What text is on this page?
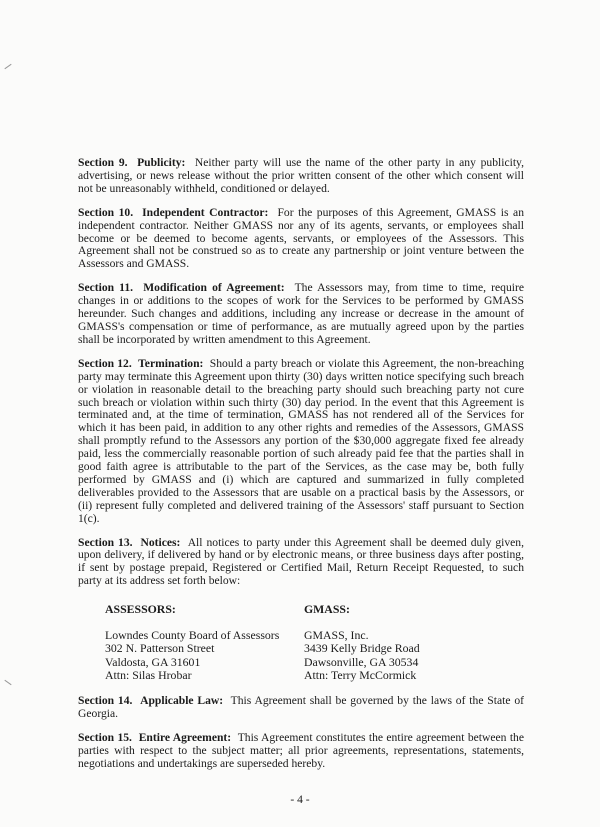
Section 9. Publicity: Neither party will use the name of the other party in any publicity, advertising, or news release without the prior written consent of the other which consent will not be unreasonably withheld, conditioned or delayed.
Section 10. Independent Contractor: For the purposes of this Agreement, GMASS is an independent contractor. Neither GMASS nor any of its agents, servants, or employees shall become or be deemed to become agents, servants, or employees of the Assessors. This Agreement shall not be construed so as to create any partnership or joint venture between the Assessors and GMASS.
Section 11. Modification of Agreement: The Assessors may, from time to time, require changes in or additions to the scopes of work for the Services to be performed by GMASS hereunder. Such changes and additions, including any increase or decrease in the amount of GMASS's compensation or time of performance, as are mutually agreed upon by the parties shall be incorporated by written amendment to this Agreement.
Section 12. Termination: Should a party breach or violate this Agreement, the non-breaching party may terminate this Agreement upon thirty (30) days written notice specifying such breach or violation in reasonable detail to the breaching party should such breaching party not cure such breach or violation within such thirty (30) day period. In the event that this Agreement is terminated and, at the time of termination, GMASS has not rendered all of the Services for which it has been paid, in addition to any other rights and remedies of the Assessors, GMASS shall promptly refund to the Assessors any portion of the $30,000 aggregate fixed fee already paid, less the commercially reasonable portion of such already paid fee that the parties shall in good faith agree is attributable to the part of the Services, as the case may be, both fully performed by GMASS and (i) which are captured and summarized in fully completed deliverables provided to the Assessors that are usable on a practical basis by the Assessors, or (ii) represent fully completed and delivered training of the Assessors' staff pursuant to Section 1(c).
Section 13. Notices: All notices to party under this Agreement shall be deemed duly given, upon delivery, if delivered by hand or by electronic means, or three business days after posting, if sent by postage prepaid, Registered or Certified Mail, Return Receipt Requested, to such party at its address set forth below:
ASSESSORS:
Lowndes County Board of Assessors
302 N. Patterson Street
Valdosta, GA 31601
Attn: Silas Hrobar
GMASS:
GMASS, Inc.
3439 Kelly Bridge Road
Dawsonville, GA 30534
Attn: Terry McCormick
Section 14. Applicable Law: This Agreement shall be governed by the laws of the State of Georgia.
Section 15. Entire Agreement: This Agreement constitutes the entire agreement between the parties with respect to the subject matter; all prior agreements, representations, statements, negotiations and undertakings are superseded hereby.
- 4 -
